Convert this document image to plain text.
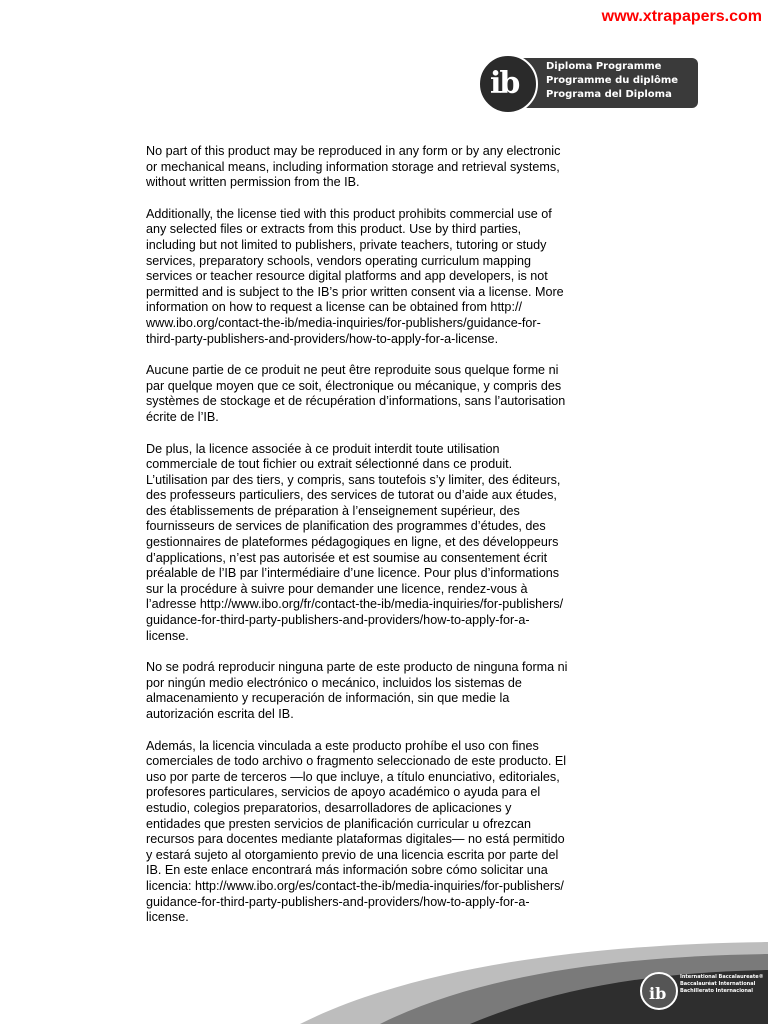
www.xtrapapers.com
ib	Diploma Programme
Programme du diplôme
Programa del Diploma

No part of this product may be reproduced in any form or by any electronic
or mechanical means, including information storage and retrieval systems,
without written permission from the IB.

Additionally, the license tied with this product prohibits commercial use of
any selected files or extracts from this product. Use by third parties,
including but not limited to publishers, private teachers, tutoring or study
services, preparatory schools, vendors operating curriculum mapping
services or teacher resource digital platforms and app developers, is not
permitted and is subject to the IB’s prior written consent via a license. More
information on how to request a license can be obtained from http://
www.ibo.org/contact-the-ib/media-inquiries/for-publishers/guidance-for-
third-party-publishers-and-providers/how-to-apply-for-a-license.

Aucune partie de ce produit ne peut être reproduite sous quelque forme ni
par quelque moyen que ce soit, électronique ou mécanique, y compris des
systèmes de stockage et de récupération d’informations, sans l’autorisation
écrite de l’IB.

De plus, la licence associée à ce produit interdit toute utilisation
commerciale de tout fichier ou extrait sélectionné dans ce produit.
L’utilisation par des tiers, y compris, sans toutefois s’y limiter, des éditeurs,
des professeurs particuliers, des services de tutorat ou d’aide aux études,
des établissements de préparation à l’enseignement supérieur, des
fournisseurs de services de planification des programmes d’études, des
gestionnaires de plateformes pédagogiques en ligne, et des développeurs
d’applications, n’est pas autorisée et est soumise au consentement écrit
préalable de l’IB par l’intermédiaire d’une licence. Pour plus d’informations
sur la procédure à suivre pour demander une licence, rendez-vous à
l’adresse http://www.ibo.org/fr/contact-the-ib/media-inquiries/for-publishers/
guidance-for-third-party-publishers-and-providers/how-to-apply-for-a-
license.

No se podrá reproducir ninguna parte de este producto de ninguna forma ni
por ningún medio electrónico o mecánico, incluidos los sistemas de
almacenamiento y recuperación de información, sin que medie la
autorización escrita del IB.

Además, la licencia vinculada a este producto prohíbe el uso con fines
comerciales de todo archivo o fragmento seleccionado de este producto. El
uso por parte de terceros —lo que incluye, a título enunciativo, editoriales,
profesores particulares, servicios de apoyo académico o ayuda para el
estudio, colegios preparatorios, desarrolladores de aplicaciones y
entidades que presten servicios de planificación curricular u ofrezcan
recursos para docentes mediante plataformas digitales— no está permitido
y estará sujeto al otorgamiento previo de una licencia escrita por parte del
IB. En este enlace encontrará más información sobre cómo solicitar una
licencia: http://www.ibo.org/es/contact-the-ib/media-inquiries/for-publishers/
guidance-for-third-party-publishers-and-providers/how-to-apply-for-a-
license.

ib
International Baccalaureate®
Baccalauréat International
Bachillerato Internacional
